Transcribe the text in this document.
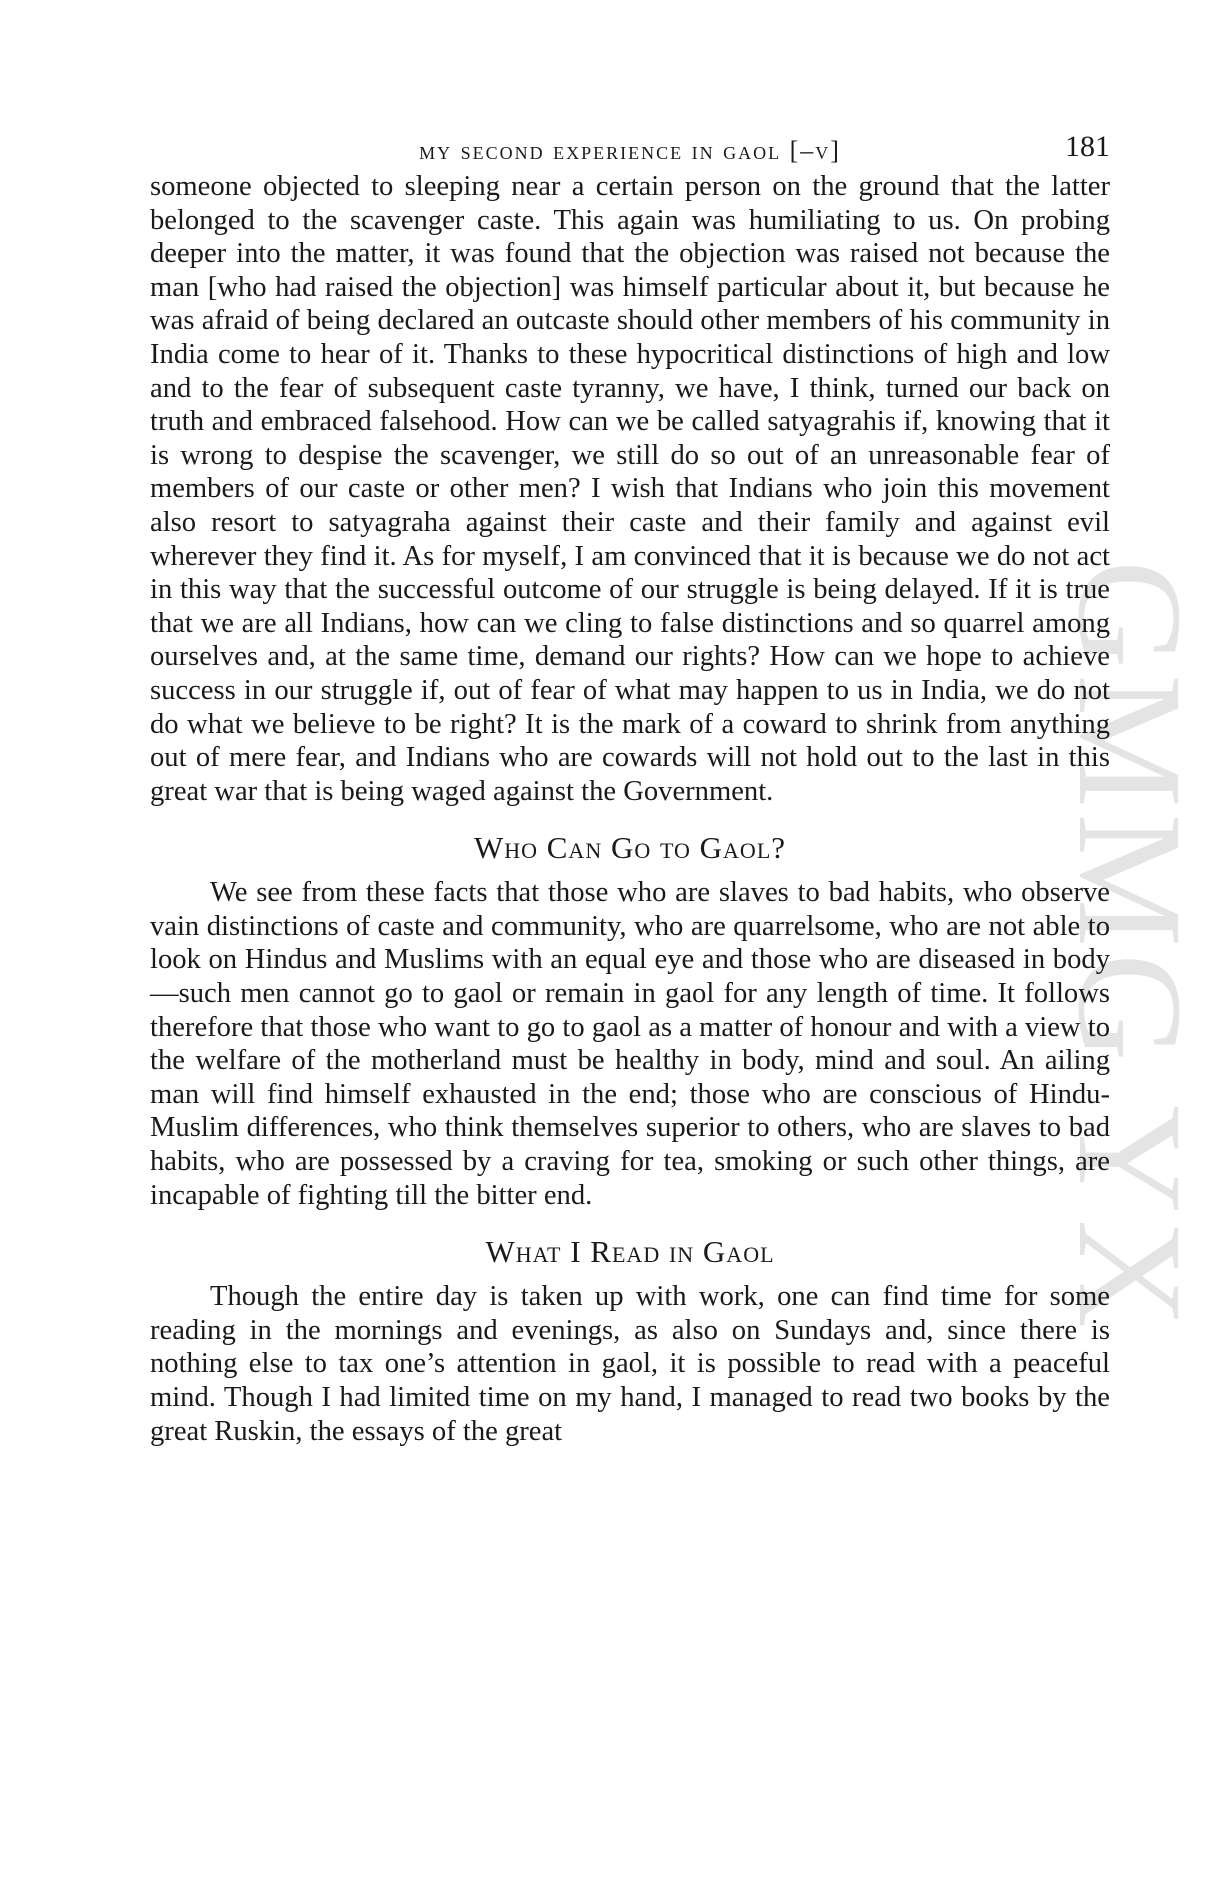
GMMG YX
my second experience in gaol [–v]	181

someone objected to sleeping near a certain person on the ground that the latter belonged to the scavenger caste. This again was humiliating to us. On probing deeper into the matter, it was found that the objection was raised not because the man [who had raised the objection] was himself particular about it, but because he was afraid of being declared an outcaste should other members of his community in India come to hear of it. Thanks to these hypocritical distinctions of high and low and to the fear of subsequent caste tyranny, we have, I think, turned our back on truth and embraced falsehood. How can we be called satyagrahis if, knowing that it is wrong to despise the scavenger, we still do so out of an unreasonable fear of members of our caste or other men? I wish that Indians who join this movement also resort to satyagraha against their caste and their family and against evil wherever they find it. As for myself, I am convinced that it is because we do not act in this way that the successful outcome of our struggle is being delayed. If it is true that we are all Indians, how can we cling to false distinctions and so quarrel among ourselves and, at the same time, demand our rights? How can we hope to achieve success in our struggle if, out of fear of what may happen to us in India, we do not do what we believe to be right? It is the mark of a coward to shrink from anything out of mere fear, and Indians who are cowards will not hold out to the last in this great war that is being waged against the Government.

Who Can Go to Gaol?

We see from these facts that those who are slaves to bad habits, who observe vain distinctions of caste and community, who are quarrelsome, who are not able to look on Hindus and Muslims with an equal eye and those who are diseased in body—such men cannot go to gaol or remain in gaol for any length of time. It follows therefore that those who want to go to gaol as a matter of honour and with a view to the welfare of the motherland must be healthy in body, mind and soul. An ailing man will find himself exhausted in the end; those who are conscious of Hindu-Muslim differences, who think themselves superior to others, who are slaves to bad habits, who are possessed by a craving for tea, smoking or such other things, are incapable of fighting till the bitter end.

What I Read in Gaol

Though the entire day is taken up with work, one can find time for some reading in the mornings and evenings, as also on Sundays and, since there is nothing else to tax one’s attention in gaol, it is possible to read with a peaceful mind. Though I had limited time on my hand, I managed to read two books by the great Ruskin, the essays of the great
